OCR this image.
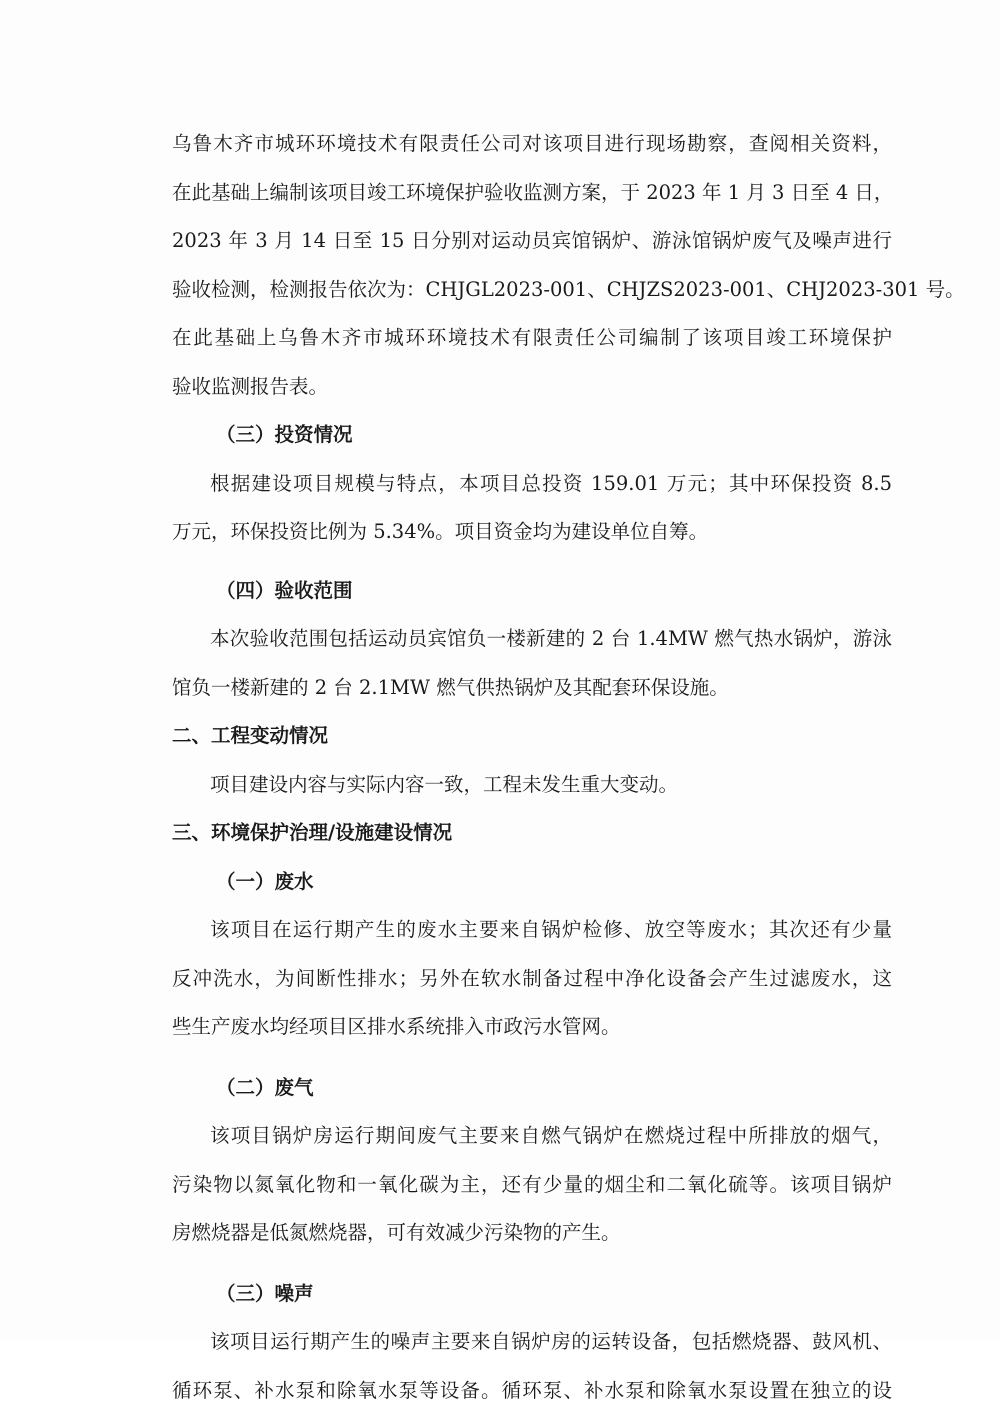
乌鲁木齐市城环环境技术有限责任公司对该项目进行现场勘察，查阅相关资料，
在此基础上编制该项目竣工环境保护验收监测方案，于 2023 年 1 月 3 日至 4 日，
2023 年 3 月 14 日至 15 日分别对运动员宾馆锅炉、游泳馆锅炉废气及噪声进行
验收检测，检测报告依次为：CHJGL2023-001、CHJZS2023-001、CHJ2023-301 号。
在此基础上乌鲁木齐市城环环境技术有限责任公司编制了该项目竣工环境保护
验收监测报告表。
（三）投资情况
根据建设项目规模与特点，本项目总投资 159.01 万元；其中环保投资 8.5
万元，环保投资比例为 5.34%。项目资金均为建设单位自筹。
（四）验收范围
本次验收范围包括运动员宾馆负一楼新建的 2 台 1.4MW 燃气热水锅炉，游泳
馆负一楼新建的 2 台 2.1MW 燃气供热锅炉及其配套环保设施。
二、工程变动情况
项目建设内容与实际内容一致，工程未发生重大变动。
三、环境保护治理/设施建设情况
（一）废水
该项目在运行期产生的废水主要来自锅炉检修、放空等废水；其次还有少量
反冲洗水，为间断性排水；另外在软水制备过程中净化设备会产生过滤废水，这
些生产废水均经项目区排水系统排入市政污水管网。
（二）废气
该项目锅炉房运行期间废气主要来自燃气锅炉在燃烧过程中所排放的烟气，
污染物以氮氧化物和一氧化碳为主，还有少量的烟尘和二氧化硫等。该项目锅炉
房燃烧器是低氮燃烧器，可有效减少污染物的产生。
（三）噪声
该项目运行期产生的噪声主要来自锅炉房的运转设备，包括燃烧器、鼓风机、
循环泵、补水泵和除氧水泵等设备。循环泵、补水泵和除氧水泵设置在独立的设
